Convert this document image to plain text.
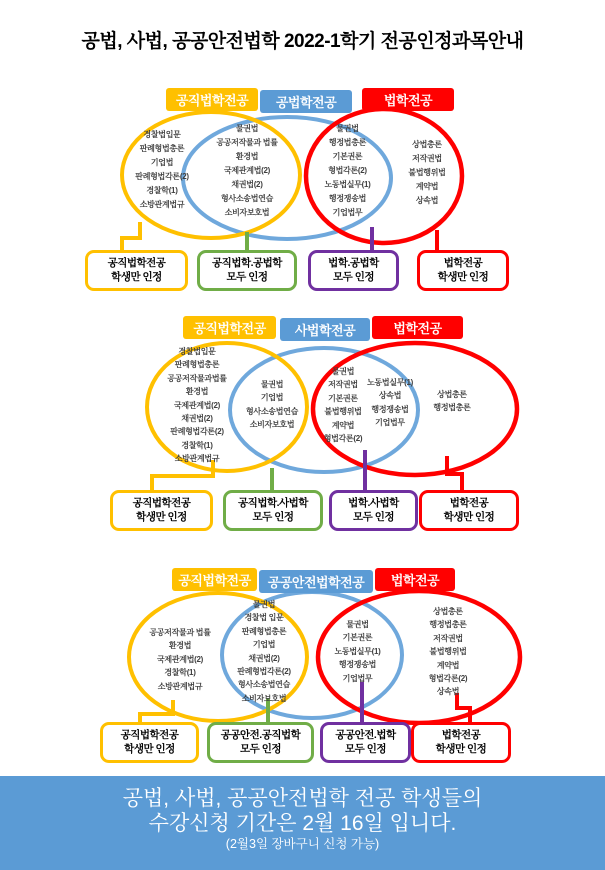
공법, 사법, 공공안전법학 2022-1학기 전공인정과목안내
공직법학전공	공법학전공	법학전공
경찰법입문
판례형법총론
기업법
판례형법각론(2)
경찰학(1)
소방관계법규
물권법
공공저작물과 법률
환경법
국제관계법(2)
채권법(2)
형사소송법연습
소비자보호법
물권법
행정법총론
기본권론
형법각론(2)
노동법실무(1)
행정쟁송법
기업법무
상법총론
저작권법
불법행위법
계약법
상속법
공직법학전공
학생만 인정
공직법학.공법학
모두 인정
법학.공법학
모두 인정
법학전공
학생만 인정
공직법학전공	사법학전공	법학전공
경찰법입문
판례형법총론
공공저작물과법률
환경법
국제관계법(2)
채권법(2)
판례형법각론(2)
경찰학(1)
소방관계법규
물권법
기업법
형사소송법연습
소비자보호법
물권법
저작권법
기본권론
불법행위법
계약법
형법각론(2)
노동법실무(1)
상속법
행정쟁송법
기업법무
상법총론
행정법총론
공직법학전공
학생만 인정
공직법학.사법학
모두 인정
법학.사법학
모두 인정
법학전공
학생만 인정
공직법학전공	공공안전법학전공	법학전공
공공저작물과 법률
환경법
국제관계법(2)
경찰학(1)
소방관계법규
물권법
경찰법 입문
판례형법총론
기업법
채권법(2)
판례형법각론(2)
형사소송법연습
소비자보호법
물권법
기본권론
노동법실무(1)
행정쟁송법
기업법무
상법총론
행정법총론
저작권법
불법행위법
계약법
형법각론(2)
상속법
공직법학전공
학생만 인정
공공안전.공직법학
모두 인정
공공안전.법학
모두 인정
법학전공
학생만 인정
공법, 사법, 공공안전법학 전공 학생들의
수강신청 기간은 2월 16일 입니다.
(2월3일 장바구니 신청 가능)
